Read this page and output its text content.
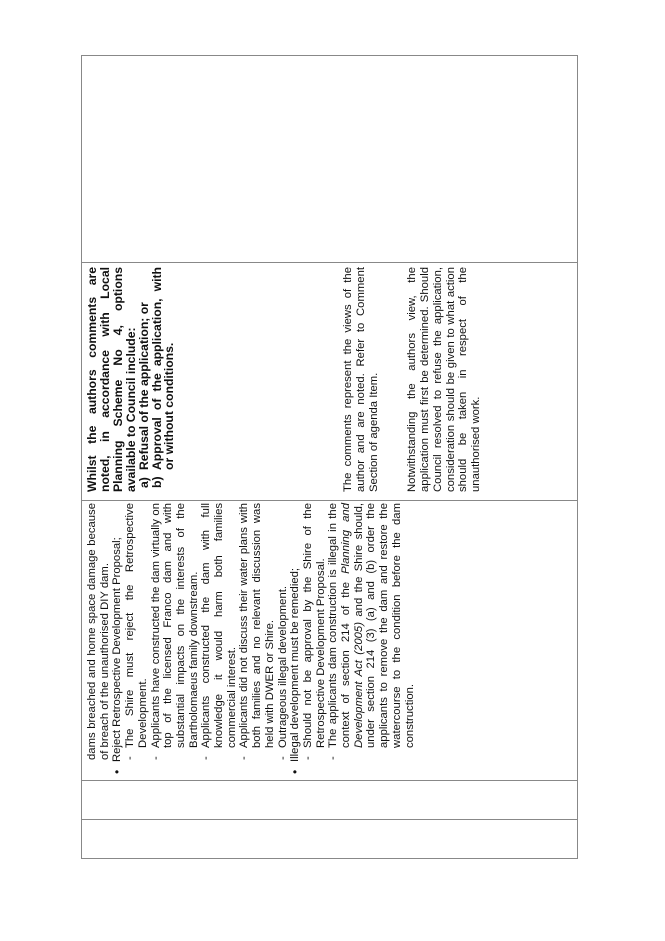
dams breached and home space damage because of breach of the unauthorised DIY dam. • Reject Retrospective Development Proposal; - The Shire must reject the Retrospective Development. - Applicants have constructed the dam virtually on top of the licensed Franco dam and with substantial impacts on the interests of the Bartholomaeus family downstream. - Applicants constructed the dam with full knowledge it would harm both families commercial interest. - Applicants did not discuss their water plans with both families and no relevant discussion was held with DWER or Shire. - Outrageous illegal development. • Illegal development must be remedied; - Should not be approval by the Shire of the Retrospective Development Proposal. - The applicants dam construction is illegal in the context of section 214 of the Planning and Development Act (2005) and the Shire should, under section 214 (3) (a) and (b) order the applicants to remove the dam and restore the watercourse to the condition before the dam construction.

Whilst the authors comments are noted, in accordance with Local Planning Scheme No 4, options available to Council include:
a)
Refusal of the application; or
b)
Approval of the application, with or without conditions.	The comments represent the views of the author and are noted. Refer to Comment Section of agenda Item. Notwithstanding the authors view, the application must first be determined. Should Council resolved to refuse the application, consideration should be given to what action should be taken in respect of the unauthorised work.
